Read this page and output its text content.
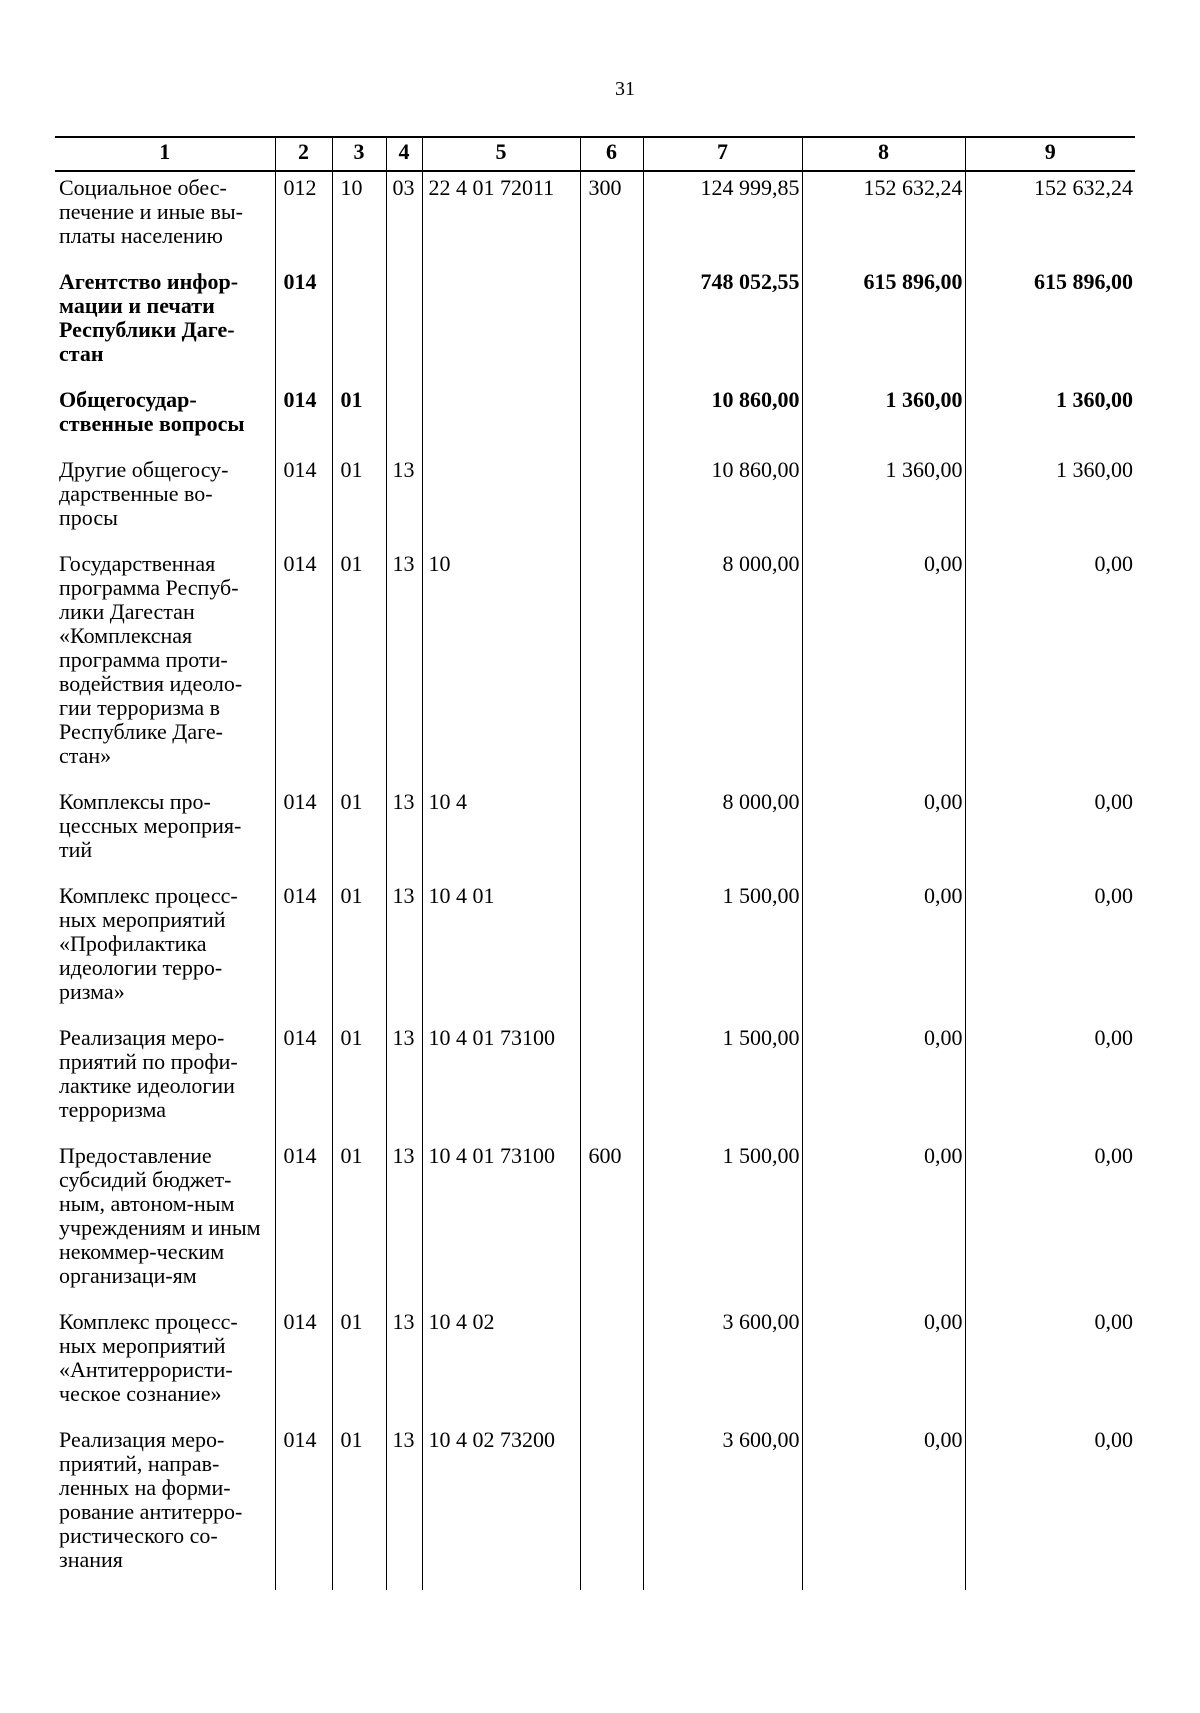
31
1	2	3	4	5	6	7	8	9
Социальное обес-печение и иные вы-платы населению	012	10	03	22 4 01 72011	300	124 999,85	152 632,24	152 632,24
Агентство инфор-мации и печати Республики Даге-стан	014					748 052,55	615 896,00	615 896,00
Общегосудар-ственные вопросы	014	01				10 860,00	1 360,00	1 360,00
Другие общегосу-дарственные во-просы	014	01	13			10 860,00	1 360,00	1 360,00
Государственная программа Респуб-лики Дагестан «Комплексная программа проти-водействия идеоло-гии терроризма в Республике Даге-стан»	014	01	13	10		8 000,00	0,00	0,00
Комплексы про-цессных мероприя-тий	014	01	13	10 4		8 000,00	0,00	0,00
Комплекс процесс-ных мероприятий «Профилактика идеологии терро-ризма»	014	01	13	10 4 01		1 500,00	0,00	0,00
Реализация меро-приятий по профи-лактике идеологии терроризма	014	01	13	10 4 01 73100		1 500,00	0,00	0,00
Предоставление субсидий бюджет-ным, автоном-ным учреждениям и иным некоммер-ческим организаци-ям	014	01	13	10 4 01 73100	600	1 500,00	0,00	0,00
Комплекс процесс-ных мероприятий «Антитеррористи-ческое сознание»	014	01	13	10 4 02		3 600,00	0,00	0,00
Реализация меро-приятий, направ-ленных на форми-рование антитерро-ристического со-знания	014	01	13	10 4 02 73200		3 600,00	0,00	0,00
